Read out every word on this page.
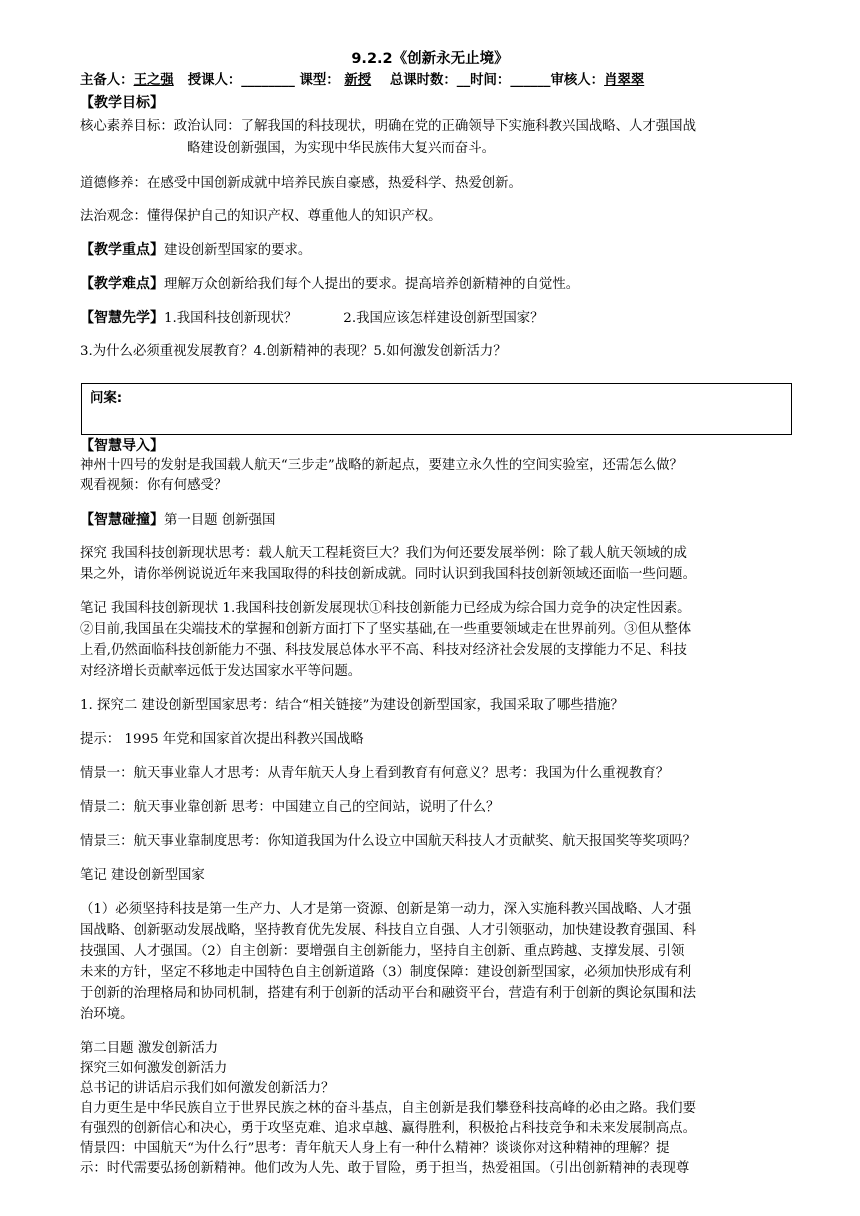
9.2.2《创新永无止境》
主备人：王之强 授课人：________ 课型： 新授 总课时数：__时间：______审核人：肖翠翠
【教学目标】
核心素养目标：政治认同：了解我国的科技现状，明确在党的正确领导下实施科教兴国战略、人才强国战
略建设创新强国，为实现中华民族伟大复兴而奋斗。
道德修养：在感受中国创新成就中培养民族自豪感，热爱科学、热爱创新。
法治观念：懂得保护自己的知识产权、尊重他人的知识产权。
【教学重点】建设创新型国家的要求。
【教学难点】理解万众创新给我们每个人提出的要求。提高培养创新精神的自觉性。
【智慧先学】1.我国科技创新现状？	2.我国应该怎样建设创新型国家？
3.为什么必须重视发展教育？4.创新精神的表现？5.如何激发创新活力？
问案:
【智慧导入】
神州十四号的发射是我国载人航天“三步走”战略的新起点，要建立永久性的空间实验室，还需怎么做？
观看视频：你有何感受？
【智慧碰撞】第一目题 创新强国
探究 我国科技创新现状思考：载人航天工程耗资巨大？我们为何还要发展举例：除了载人航天领域的成
果之外，请你举例说说近年来我国取得的科技创新成就。同时认识到我国科技创新领域还面临一些问题。
笔记 我国科技创新现状 1.我国科技创新发展现状①科技创新能力已经成为综合国力竞争的决定性因素。
②目前,我国虽在尖端技术的掌握和创新方面打下了坚实基础,在一些重要领域走在世界前列。③但从整体
上看,仍然面临科技创新能力不强、科技发展总体水平不高、科技对经济社会发展的支撑能力不足、科技
对经济增长贡献率远低于发达国家水平等问题。
1. 探究二 建设创新型国家思考：结合“相关链接”为建设创新型国家，我国采取了哪些措施？
提示： 1995 年党和国家首次提出科教兴国战略
情景一：航天事业靠人才思考：从青年航天人身上看到教育有何意义？思考：我国为什么重视教育？
情景二：航天事业靠创新 思考：中国建立自己的空间站，说明了什么？
情景三：航天事业靠制度思考：你知道我国为什么设立中国航天科技人才贡献奖、航天报国奖等奖项吗？
笔记 建设创新型国家
（1）必须坚持科技是第一生产力、人才是第一资源、创新是第一动力，深入实施科教兴国战略、人才强
国战略、创新驱动发展战略，坚持教育优先发展、科技自立自强、人才引领驱动，加快建设教育强国、科
技强国、人才强国。（2）自主创新：要增强自主创新能力，坚持自主创新、重点跨越、支撑发展、引领
未来的方针，坚定不移地走中国特色自主创新道路（3）制度保障：建设创新型国家，必须加快形成有利
于创新的治理格局和协同机制，搭建有利于创新的活动平台和融资平台，营造有利于创新的舆论氛围和法
治环境。
第二目题 激发创新活力
探究三如何激发创新活力
总书记的讲话启示我们如何激发创新活力？
自力更生是中华民族自立于世界民族之林的奋斗基点，自主创新是我们攀登科技高峰的必由之路。我们要
有强烈的创新信心和决心，勇于攻坚克难、追求卓越、赢得胜利，积极抢占科技竞争和未来发展制高点。
情景四：中国航天“为什么行”思考：青年航天人身上有一种什么精神？谈谈你对这种精神的理解？提
示：时代需要弘扬创新精神。他们改为人先、敢于冒险，勇于担当，热爱祖国。（引出创新精神的表现尊
